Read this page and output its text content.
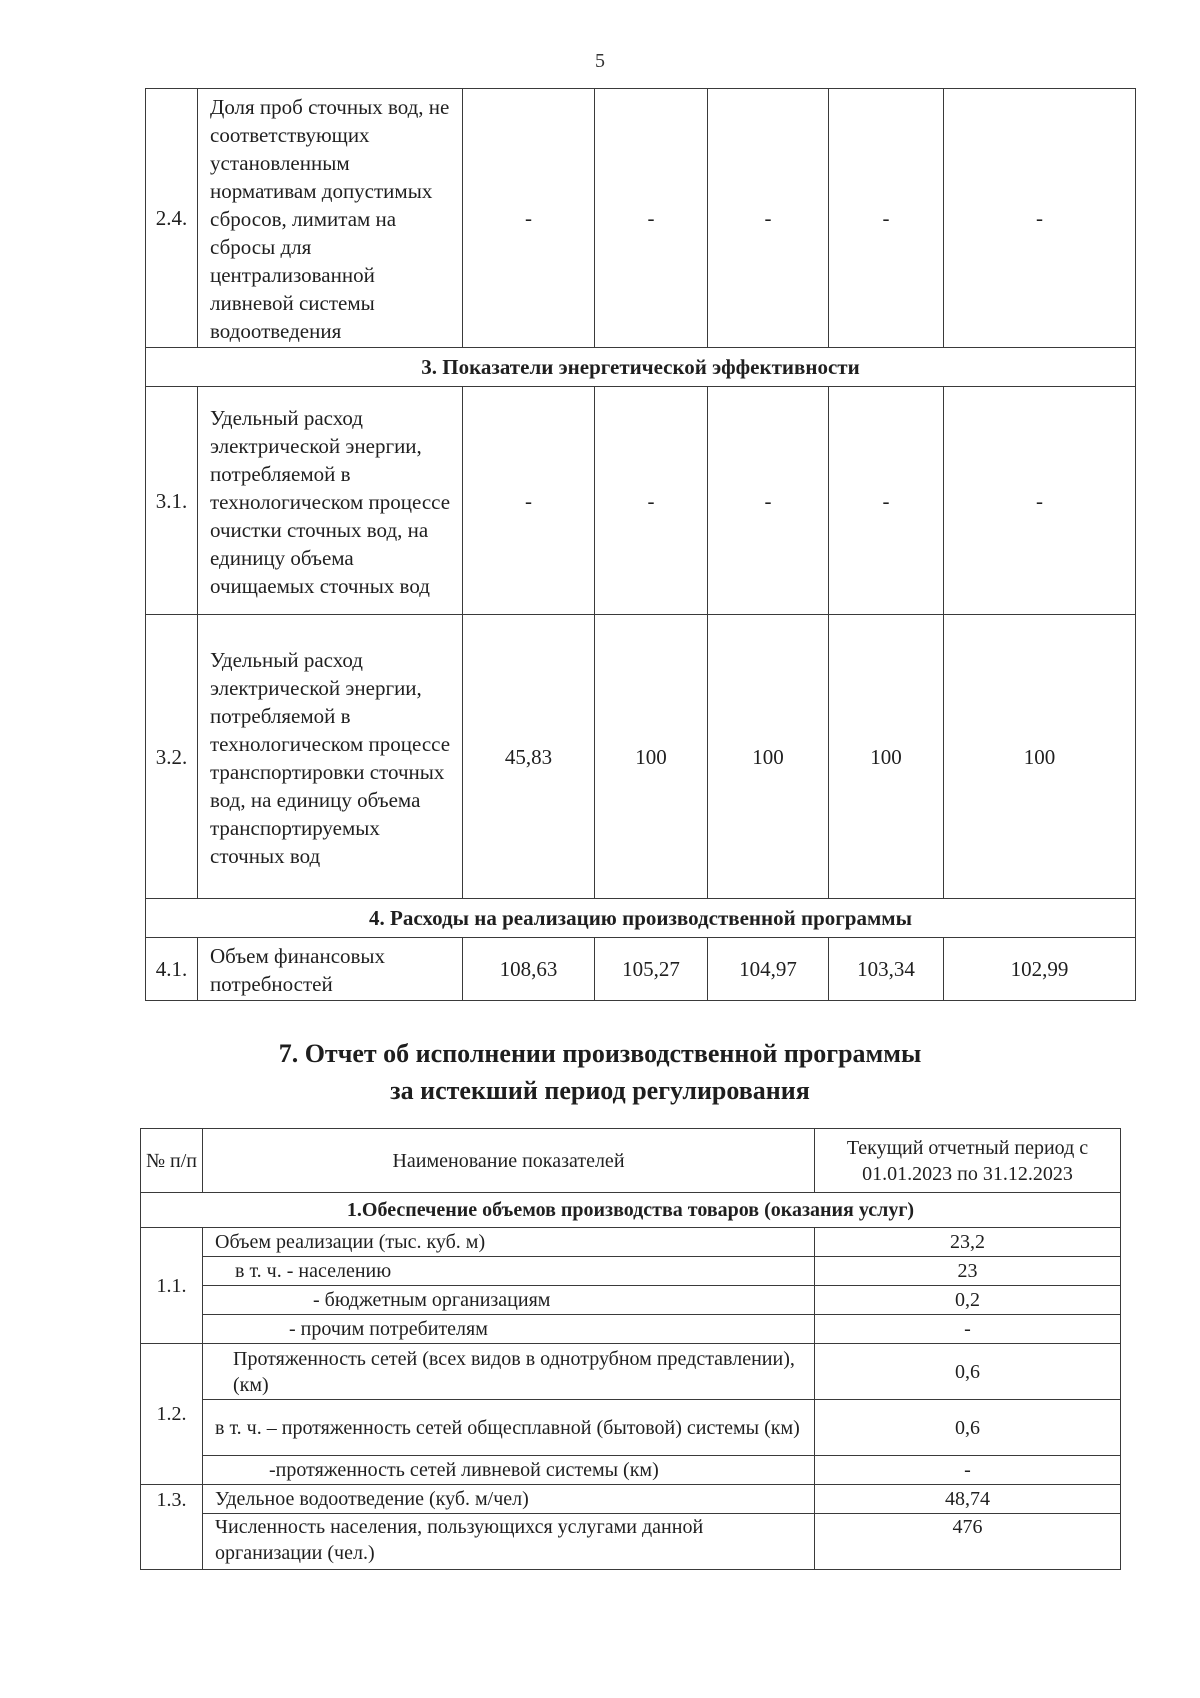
5
2.4.	Доля проб сточных вод, не соответствующих установленным нормативам допустимых сбросов, лимитам на сбросы для централизованной ливневой системы водоотведения	-	-	-	-	-
3. Показатели энергетической эффективности						
3.1.	Удельный расход электрической энергии, потребляемой в технологическом процессе очистки сточных вод, на единицу объема очищаемых сточных вод	-	-	-	-	-
3.2.	Удельный расход электрической энергии, потребляемой в технологическом процессе транспортировки сточных вод, на единицу объема транспортируемых сточных вод	45,83	100	100	100	100
4. Расходы на реализацию производственной программы						
4.1.	Объем финансовых потребностей	108,63	105,27	104,97	103,34	102,99
7. Отчет об исполнении производственной программы
за истекший период регулирования
№ п/п	Наименование показателей	Текущий отчетный период с 01.01.2023 по 31.12.2023
1.Обеспечение объемов производства товаров (оказания услуг)		
1.1.	Объем реализации (тыс. куб. м)	23,2
	в т. ч. - населению	23
	- бюджетным организациям	0,2
	- прочим потребителям	-
1.2.	Протяженность сетей (всех видов в однотрубном представлении), (км)	0,6
	в т. ч. – протяженность сетей общесплавной (бытовой) системы (км)	0,6
	-протяженность сетей ливневой системы (км)	-
1.3.	Удельное водоотведение (куб. м/чел)	48,74
	Численность населения, пользующихся услугами данной организации (чел.)	476
